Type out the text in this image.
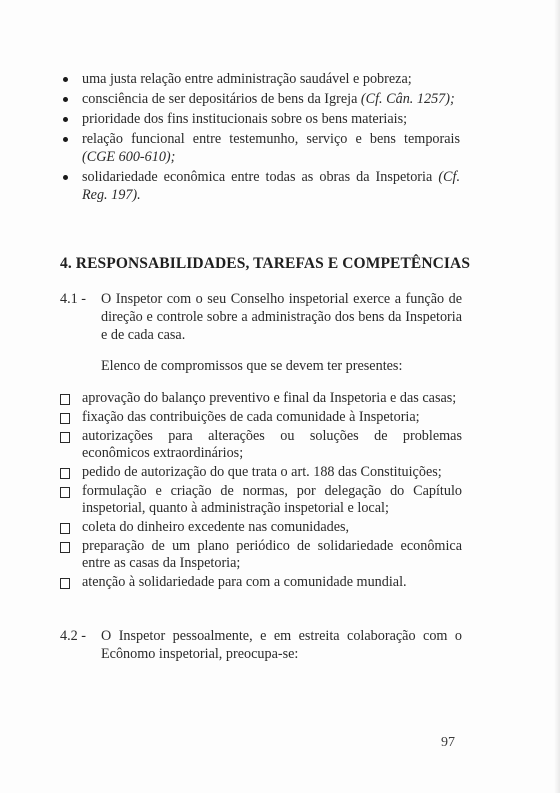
uma justa relação entre administração saudável e pobreza;
consciência de ser depositários de bens da Igreja (Cf. Cân. 1257);
prioridade dos fins institucionais sobre os bens materiais;
relação funcional entre testemunho, serviço e bens temporais (CGE 600-610);
solidariedade econômica entre todas as obras da Inspetoria (Cf. Reg. 197).
4. RESPONSABILIDADES, TAREFAS E COMPETÊNCIAS
4.1 - O Inspetor com o seu Conselho inspetorial exerce a função de direção e controle sobre a administração dos bens da Inspetoria e de cada casa.
Elenco de compromissos que se devem ter presentes:
aprovação do balanço preventivo e final da Inspetoria e das casas;
fixação das contribuições de cada comunidade à Inspetoria;
autorizações para alterações ou soluções de problemas econômicos extraordinários;
pedido de autorização do que trata o art. 188 das Constituições;
formulação e criação de normas, por delegação do Capítulo inspetorial, quanto à administração inspetorial e local;
coleta do dinheiro excedente nas comunidades,
preparação de um plano periódico de solidariedade econômica entre as casas da Inspetoria;
atenção à solidariedade para com a comunidade mundial.
4.2 - O Inspetor pessoalmente, e em estreita colaboração com o Ecônomo inspetorial, preocupa-se:
97
